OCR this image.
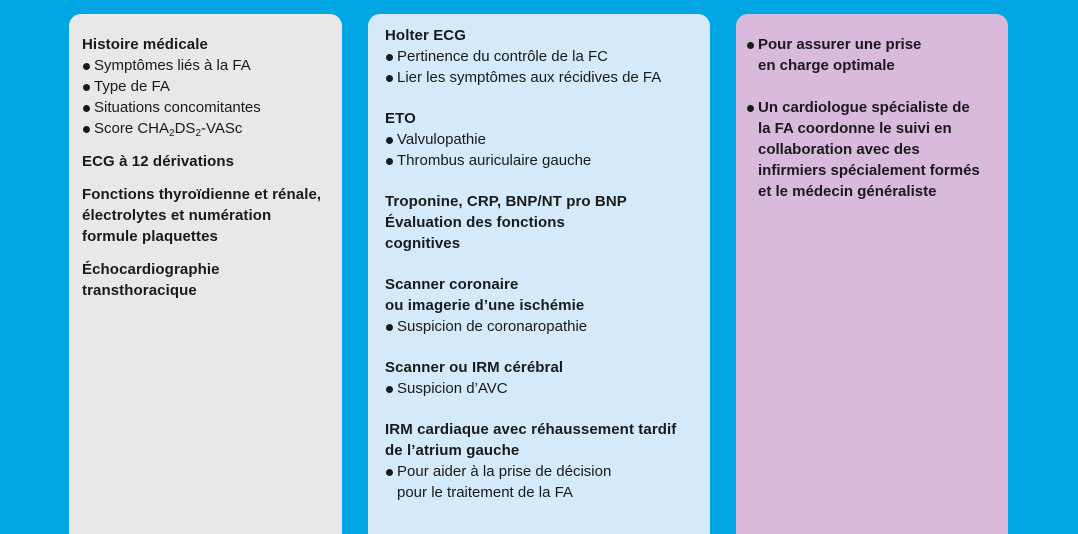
Histoire médicale
Symptômes liés à la FA
Type de FA
Situations concomitantes
Score $CHA_2DS_2$-VASc
ECG à 12 dérivations
Fonctions thyroïdienne et rénale,
électrolytes et numération
formule plaquettes
Échocardiographie
transthoracique
Holter ECG
Pertinence du contrôle de la FC
Lier les symptômes aux récidives de FA
ETO
Valvulopathie
Thrombus auriculaire gauche
Troponine, CRP, BNP/NT pro BNP
Évaluation des fonctions
cognitives
Scanner coronaire
ou imagerie d’une ischémie
Suspicion de coronaropathie
Scanner ou IRM cérébral
Suspicion d’AVC
IRM cardiaque avec réhaussement tardif
de l’atrium gauche
Pour aider à la prise de décision
pour le traitement de la FA
Pour assurer une prise
en charge optimale
Un cardiologue spécialiste de
la FA coordonne le suivi en
collaboration avec des
infirmiers spécialement formés
et le médecin généraliste
